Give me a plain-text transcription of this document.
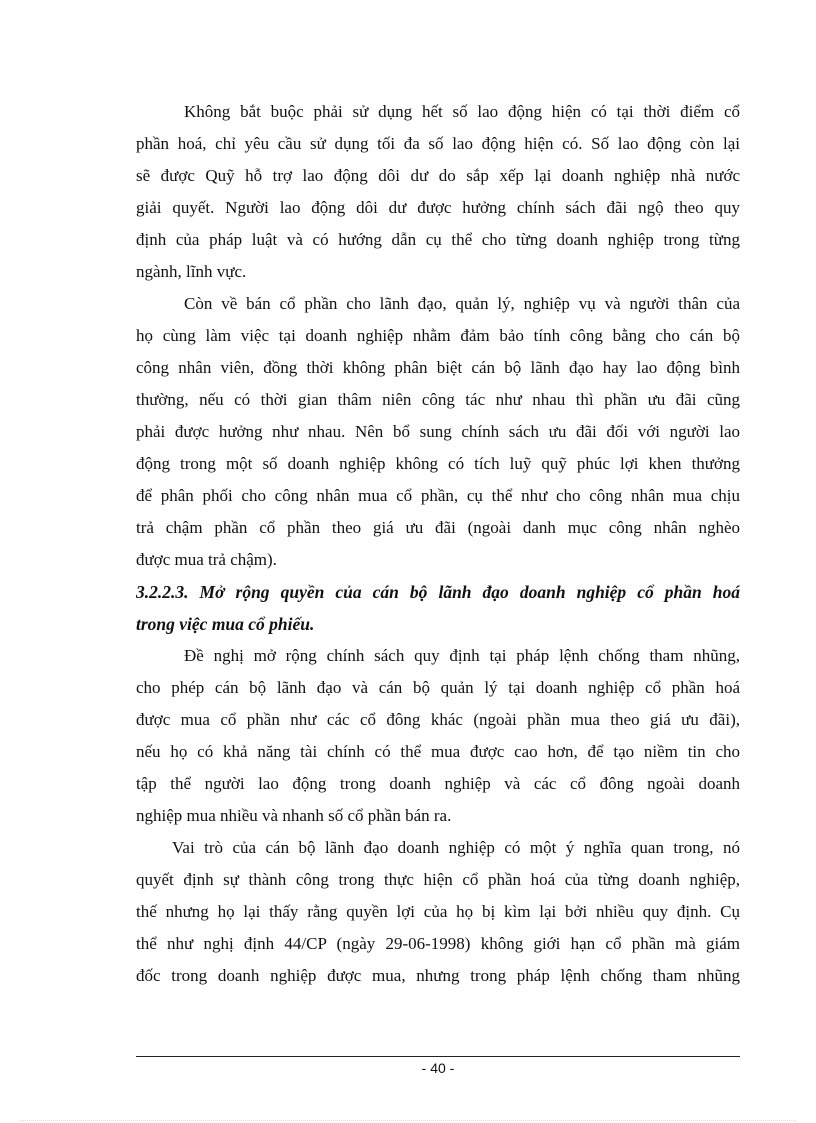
Không bắt buộc phải sử dụng hết số lao động hiện có tại thời điểm cổ
phần hoá, chỉ yêu cầu sử dụng tối đa số lao động hiện có. Số lao động còn lại
sẽ được Quỹ hỗ trợ lao động dôi dư do sắp xếp lại doanh nghiệp nhà nước
giải quyết. Người lao động dôi dư được hưởng chính sách đãi ngộ theo quy
định của pháp luật và có hướng dẫn cụ thể cho từng doanh nghiệp trong từng
ngành, lĩnh vực.

Còn về bán cổ phần cho lãnh đạo, quản lý, nghiệp vụ và người thân của
họ cùng làm việc tại doanh nghiệp nhằm đảm bảo tính công bằng cho cán bộ
công nhân viên, đồng thời không phân biệt cán bộ lãnh đạo hay lao động bình
thường, nếu có thời gian thâm niên công tác như nhau thì phần ưu đãi cũng
phải được hưởng như nhau. Nên bổ sung chính sách ưu đãi đối với người lao
động trong một số doanh nghiệp không có tích luỹ quỹ phúc lợi khen thưởng
để phân phối cho công nhân mua cổ phần, cụ thể như cho công nhân mua chịu
trả chậm phần cổ phần theo giá ưu đãi (ngoài danh mục công nhân nghèo
được mua trả chậm).

3.2.2.3. Mở rộng quyền của cán bộ lãnh đạo doanh nghiệp cổ phần hoá
trong việc mua cổ phiếu.

Đề nghị mở rộng chính sách quy định tại pháp lệnh chống tham nhũng,
cho phép cán bộ lãnh đạo và cán bộ quản lý tại doanh nghiệp cổ phần hoá
được mua cổ phần như các cổ đông khác (ngoài phần mua theo giá ưu đãi),
nếu họ có khả năng tài chính có thể mua được cao hơn, để tạo niềm tin cho
tập thể người lao động trong doanh nghiệp và các cổ đông ngoài doanh
nghiệp mua nhiều và nhanh số cổ phần bán ra.

Vai trò của cán bộ lãnh đạo doanh nghiệp có một ý nghĩa quan trong, nó
quyết định sự thành công trong thực hiện cổ phần hoá của từng doanh nghiệp,
thế nhưng họ lại thấy rằng quyền lợi của họ bị kìm lại bởi nhiều quy định. Cụ
thể như nghị định 44/CP (ngày 29-06-1998) không giới hạn cổ phần mà giám
đốc trong doanh nghiệp được mua, nhưng trong pháp lệnh chống tham nhũng

- 40 -
